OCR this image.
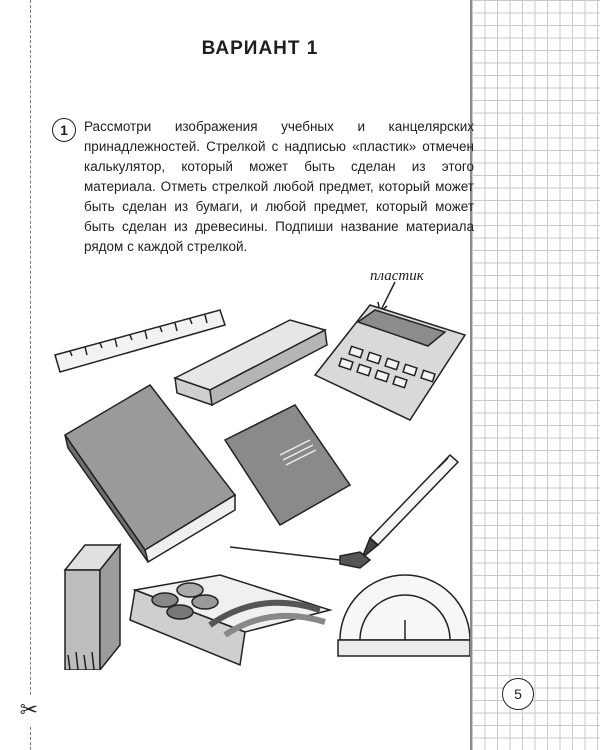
✂
ВАРИАНТ 1
1	Рассмотри изображения учебных и канцелярских принадлежностей. Стрелкой с надписью «пластик» отмечен калькулятор, который может быть сделан из этого материала. Отметь стрелкой любой предмет, который может быть сделан из бумаги, и любой предмет, который может быть сделан из древесины. Подпиши название материала рядом с каждой стрелкой.
пластик
5
